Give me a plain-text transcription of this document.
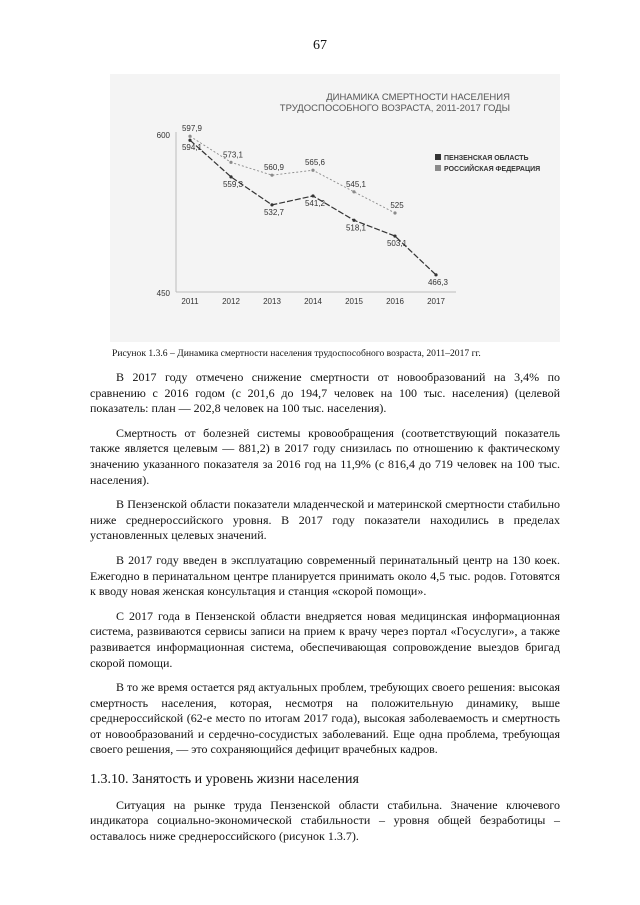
67
ДИНАМИКА СМЕРТНОСТИ НАСЕЛЕНИЯ
ТРУДОСПОСОБНОГО ВОЗРАСТА, 2011-2017 ГОДЫ
450
600
2011	2012	2013	2014	2015	2016	2017
594,1
559,3
532,7
541,2
518,1
503,1
466,3
597,9
573,1
560,9
565,6
545,1
525
ПЕНЗЕНСКАЯ ОБЛАСТЬ
РОССИЙСКАЯ ФЕДЕРАЦИЯ
Рисунок 1.3.6 – Динамика смертности населения трудоспособного возраста, 2011–2017 гг.

В 2017 году отмечено снижение смертности от новообразований на 3,4% по сравнению с 2016 годом (с 201,6 до 194,7 человек на 100 тыс. населения) (целевой показатель: план — 202,8 человек на 100 тыс. населения).

Смертность от болезней системы кровообращения (соответствующий показатель также является целевым — 881,2) в 2017 году снизилась по отношению к фактическому значению указанного показателя за 2016 год на 11,9% (с 816,4 до 719 человек на 100 тыс. населения).

В Пензенской области показатели младенческой и материнской смертности стабильно ниже среднероссийского уровня. В 2017 году показатели находились в пределах установленных целевых значений.

В 2017 году введен в эксплуатацию современный перинатальный центр на 130 коек. Ежегодно в перинатальном центре планируется принимать около 4,5 тыс. родов. Готовятся к вводу новая женская консультация и станция «скорой помощи».

С 2017 года в Пензенской области внедряется новая медицинская информационная система, развиваются сервисы записи на прием к врачу через портал «Госуслуги», а также развивается информационная система, обеспечивающая сопровождение выездов бригад скорой помощи.

В то же время остается ряд актуальных проблем, требующих своего решения: высокая смертность населения, которая, несмотря на положительную динамику, выше среднероссийской (62-е место по итогам 2017 года), высокая заболеваемость и смертность от новообразований и сердечно-сосудистых заболеваний. Еще одна проблема, требующая своего решения, — это сохраняющийся дефицит врачебных кадров.

1.3.10. Занятость и уровень жизни населения

Ситуация на рынке труда Пензенской области стабильна. Значение ключевого индикатора социально-экономической стабильности – уровня общей безработицы – оставалось ниже среднероссийского (рисунок 1.3.7).
